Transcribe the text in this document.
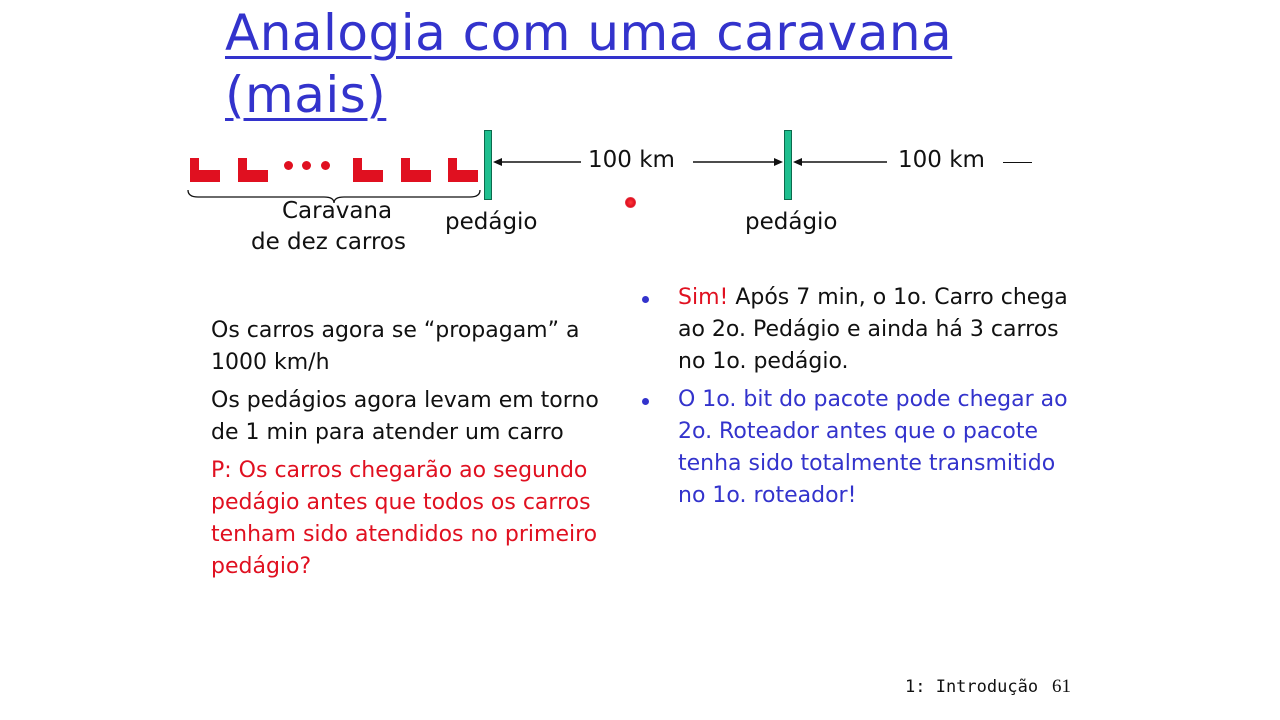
Analogia com uma caravana
(mais)
100 km	100 km
Caravana
de dez carros
pedágio	pedágio

Os carros agora se “propagam” a 1000 km/h

Os pedágios agora levam em torno de 1 min para atender um carro

P: Os carros chegarão ao segundo pedágio antes que todos os carros tenham sido atendidos no primeiro pedágio?

Sim! Após 7 min, o 1o. Carro chega ao 2o. Pedágio e ainda há 3 carros no 1o. pedágio.
O 1o. bit do pacote pode chegar ao 2o. Roteador antes que o pacote tenha sido totalmente transmitido no 1o. roteador!
1: Introdução 61
